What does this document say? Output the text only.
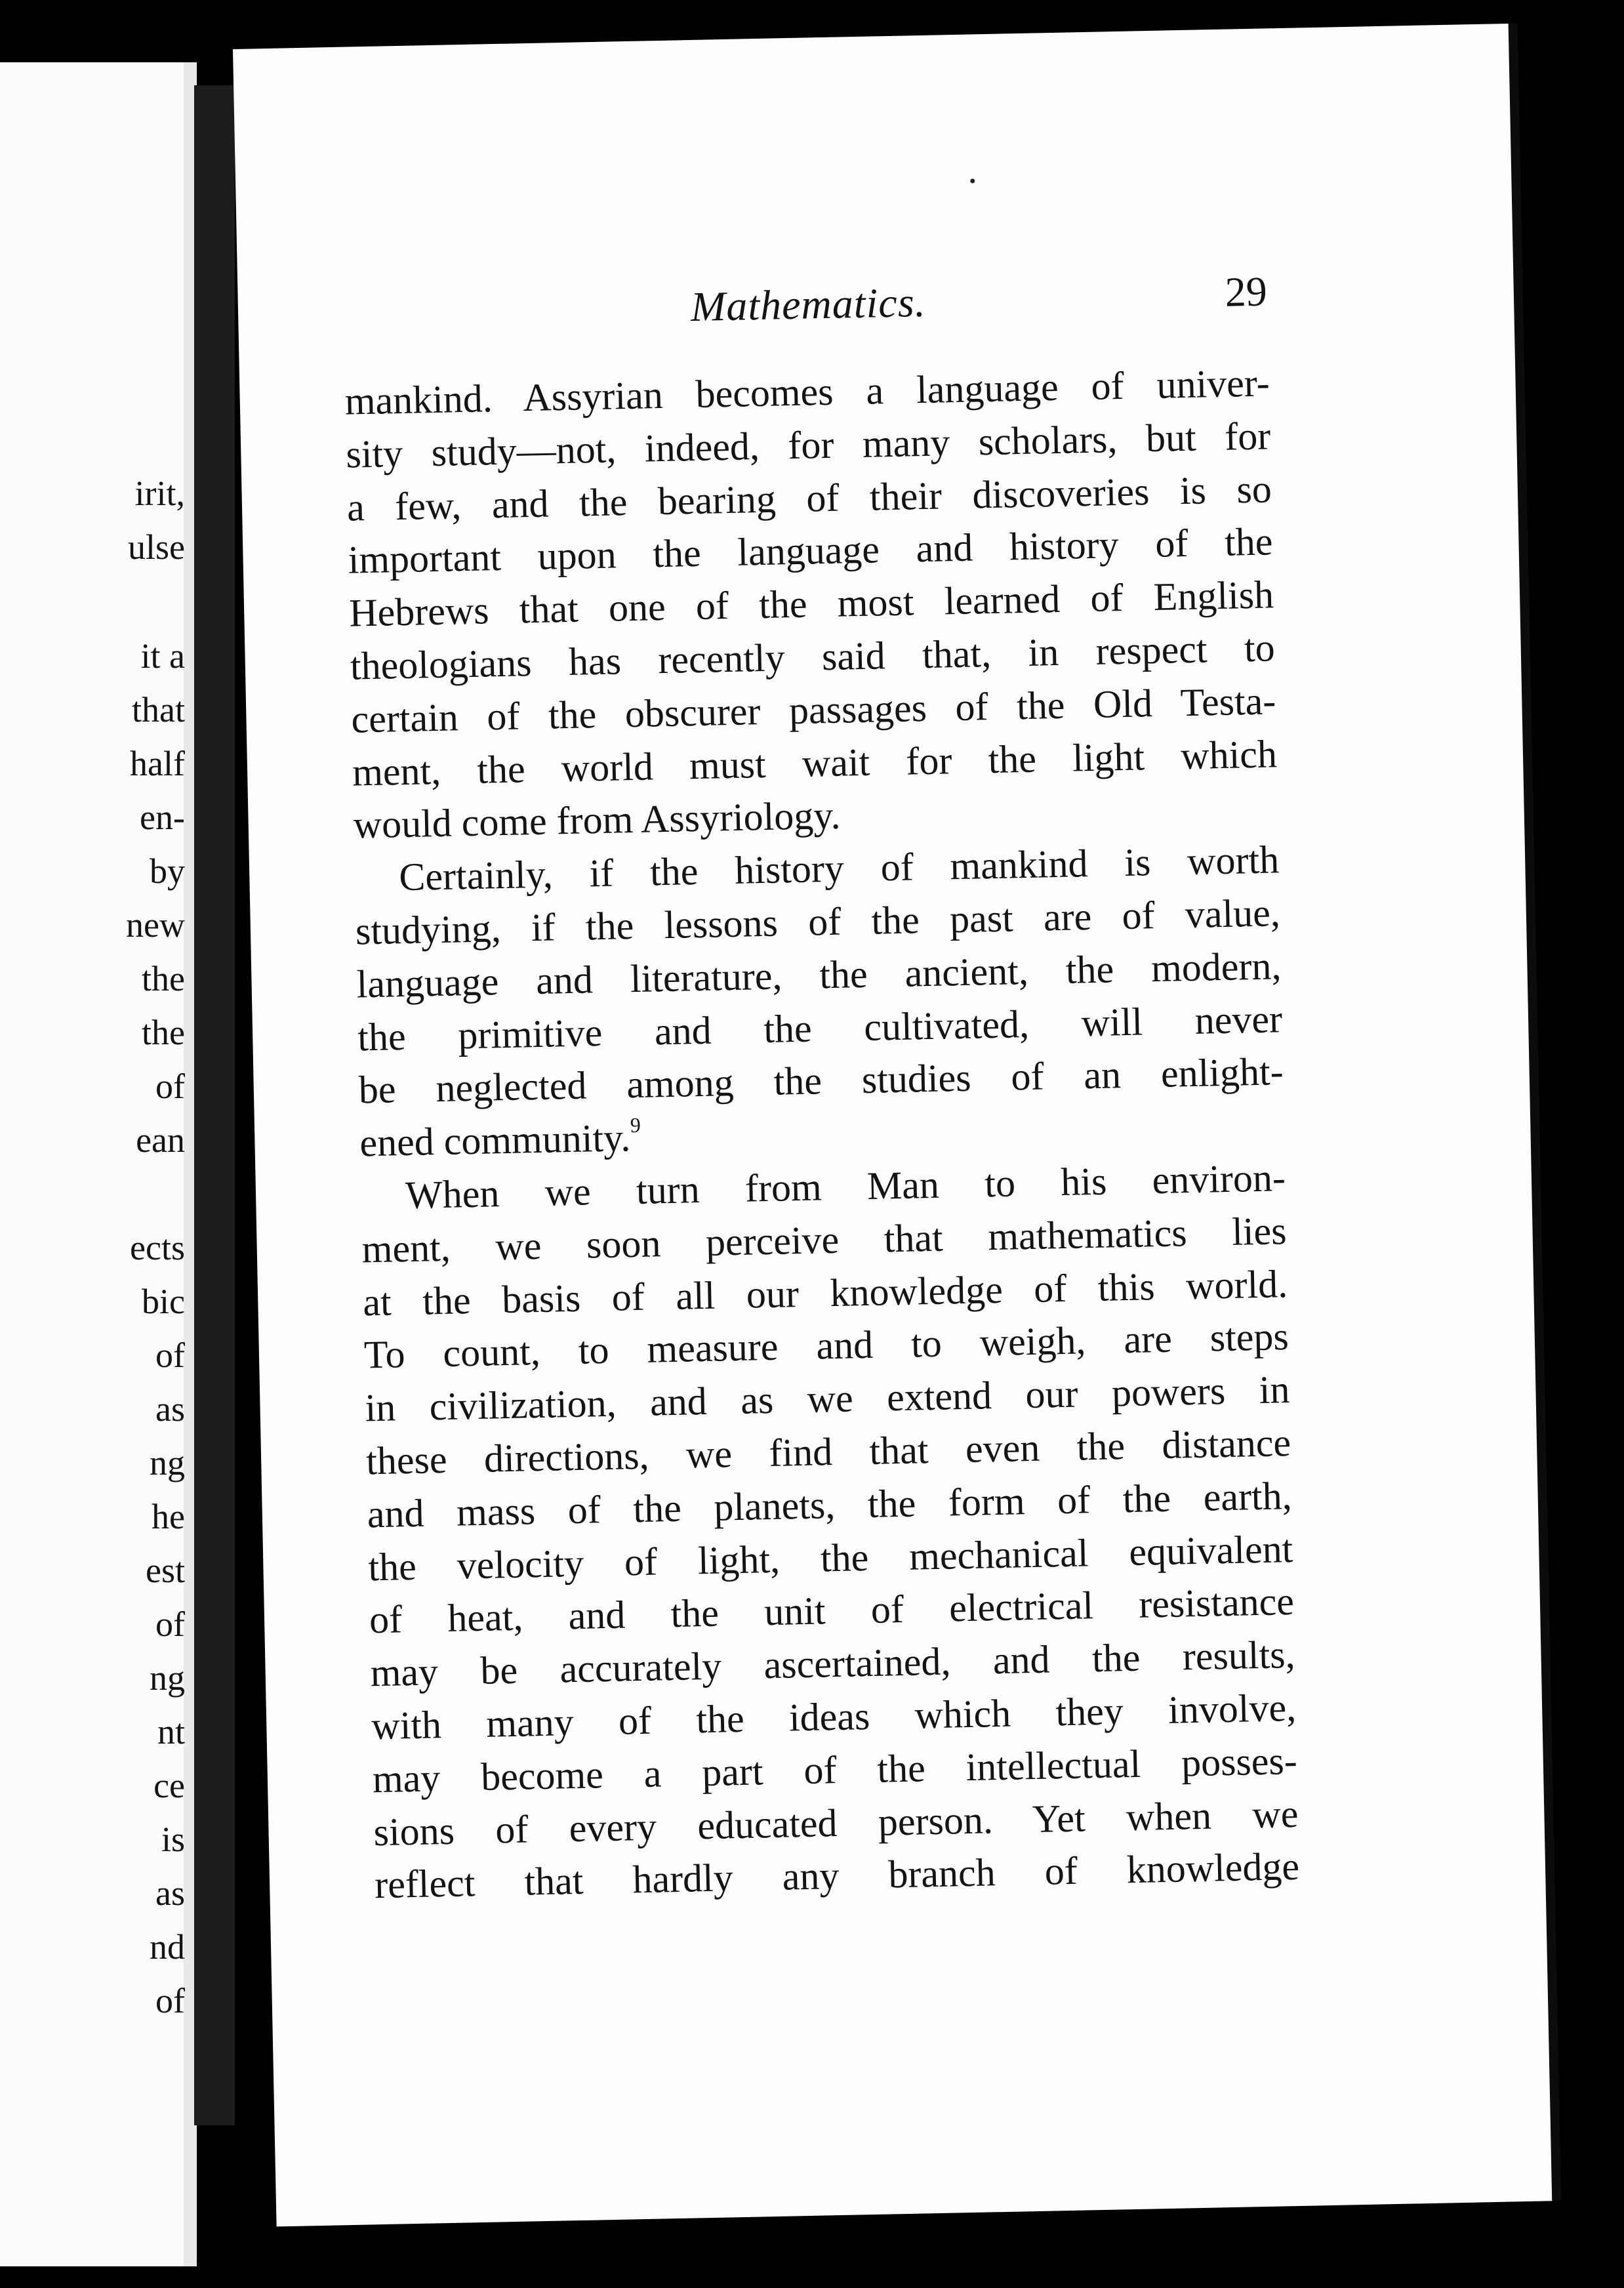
irit,
ulse
it a
that
half
en-
by
new
the
the
of
ean
ects
bic
of
as
ng
he
est
of
ng
nt
ce
is
as
nd
of
Mathematics.	29
mankind. Assyrian becomes a language of univer-
sity study—not, indeed, for many scholars, but for
a few, and the bearing of their discoveries is so
important upon the language and history of the
Hebrews that one of the most learned of English
theologians has recently said that, in respect to
certain of the obscurer passages of the Old Testa-
ment, the world must wait for the light which
would come from Assyriology.
Certainly, if the history of mankind is worth
studying, if the lessons of the past are of value,
language and literature, the ancient, the modern,
the primitive and the cultivated, will never
be neglected among the studies of an enlight-
ened community.$^9$
When we turn from Man to his environ-
ment, we soon perceive that mathematics lies
at the basis of all our knowledge of this world.
To count, to measure and to weigh, are steps
in civilization, and as we extend our powers in
these directions, we find that even the distance
and mass of the planets, the form of the earth,
the velocity of light, the mechanical equivalent
of heat, and the unit of electrical resistance
may be accurately ascertained, and the results,
with many of the ideas which they involve,
may become a part of the intellectual posses-
sions of every educated person. Yet when we
reflect that hardly any branch of knowledge
